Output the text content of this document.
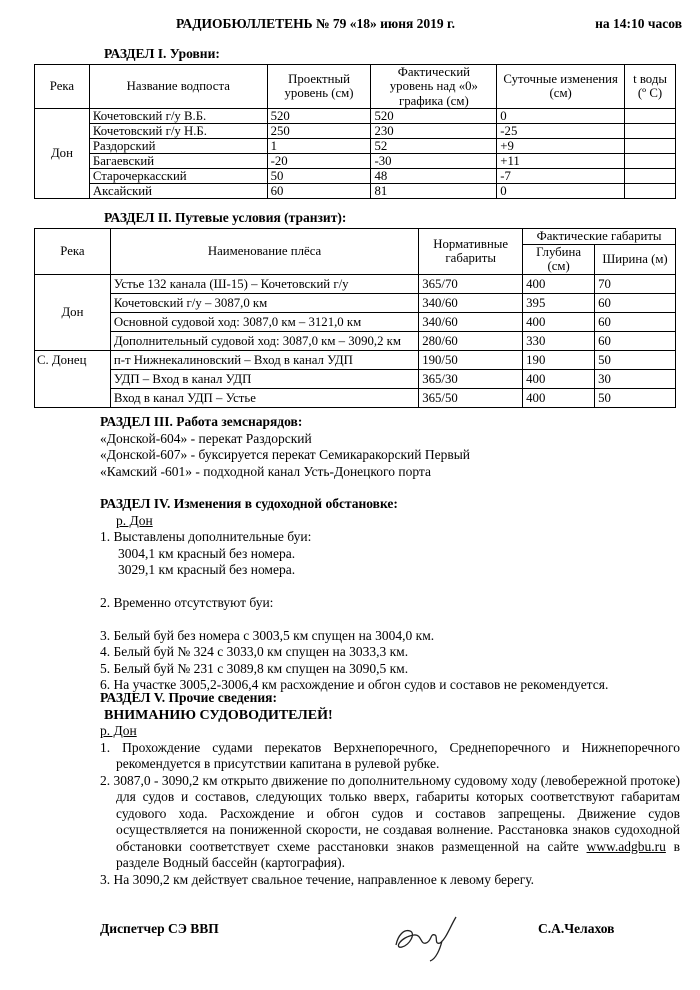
РАДИОБЮЛЛЕТЕНЬ № 79 «18» июня 2019 г.	на 14:10 часов
РАЗДЕЛ I. Уровни:
Река	Название водпоста	Проектный уровень (см)	Фактический уровень над «0» графика (см)	Суточные изменения (см)	t воды (º С)
Дон	Кочетовский г/у В.Б.	520	520	0	
	Кочетовский г/у Н.Б.	250	230	-25	
	Раздорский	1	52	+9	
	Багаевский	-20	-30	+11	
	Старочеркасский	50	48	-7	
	Аксайский	60	81	0	
РАЗДЕЛ II. Путевые условия (транзит):
Река	Наименование плёса	Нормативные габариты	Фактические габариты	
			Глубина (см)	Ширина (м)
Дон	Устье 132 канала (Ш-15) – Кочетовский г/у	365/70	400	70
	Кочетовский г/у – 3087,0 км	340/60	395	60
	Основной судовой ход: 3087,0 км – 3121,0 км	340/60	400	60
	Дополнительный судовой ход: 3087,0 км – 3090,2 км	280/60	330	60
С. Донец	п-т Нижнекалиновский – Вход в канал УДП	190/50	190	50
	УДП – Вход в канал УДП	365/30	400	30
	Вход в канал УДП – Устье	365/50	400	50
РАЗДЕЛ III. Работа земснарядов:
«Донской-604» - перекат Раздорский
«Донской-607» - буксируется перекат Семикаракорский Первый
«Камский -601» - подходной канал Усть-Донецкого порта
РАЗДЕЛ IV. Изменения в судоходной обстановке:
р. Дон
1. Выставлены дополнительные буи:
3004,1 км красный без номера.
3029,1 км красный без номера.
2. Временно отсутствуют буи:
3. Белый буй без номера с 3003,5 км спущен на 3004,0 км.
4. Белый буй № 324 с 3033,0 км спущен на 3033,3 км.
5. Белый буй № 231 с 3089,8 км спущен на 3090,5 км.
6. На участке 3005,2-3006,4 км расхождение и обгон судов и составов не рекомендуется.
РАЗДЕЛ V. Прочие сведения:
ВНИМАНИЮ СУДОВОДИТЕЛЕЙ!
р. Дон
1. Прохождение судами перекатов Верхнепоречного, Среднепоречного и Нижнепоречного рекомендуется в присутствии капитана в рулевой рубке.
2. 3087,0 - 3090,2 км открыто движение по дополнительному судовому ходу (левобережной протоке) для судов и составов, следующих только вверх, габариты которых соответствуют габаритам судового хода. Расхождение и обгон судов и составов запрещены. Движение судов осуществляется на пониженной скорости, не создавая волнение. Расстановка знаков судоходной обстановки соответствует схеме расстановки знаков размещенной на сайте www.adgbu.ru в разделе Водный бассейн (картография).
3. На 3090,2 км действует свальное течение, направленное к левому берегу.
Диспетчер СЭ ВВП	С.А.Челахов
